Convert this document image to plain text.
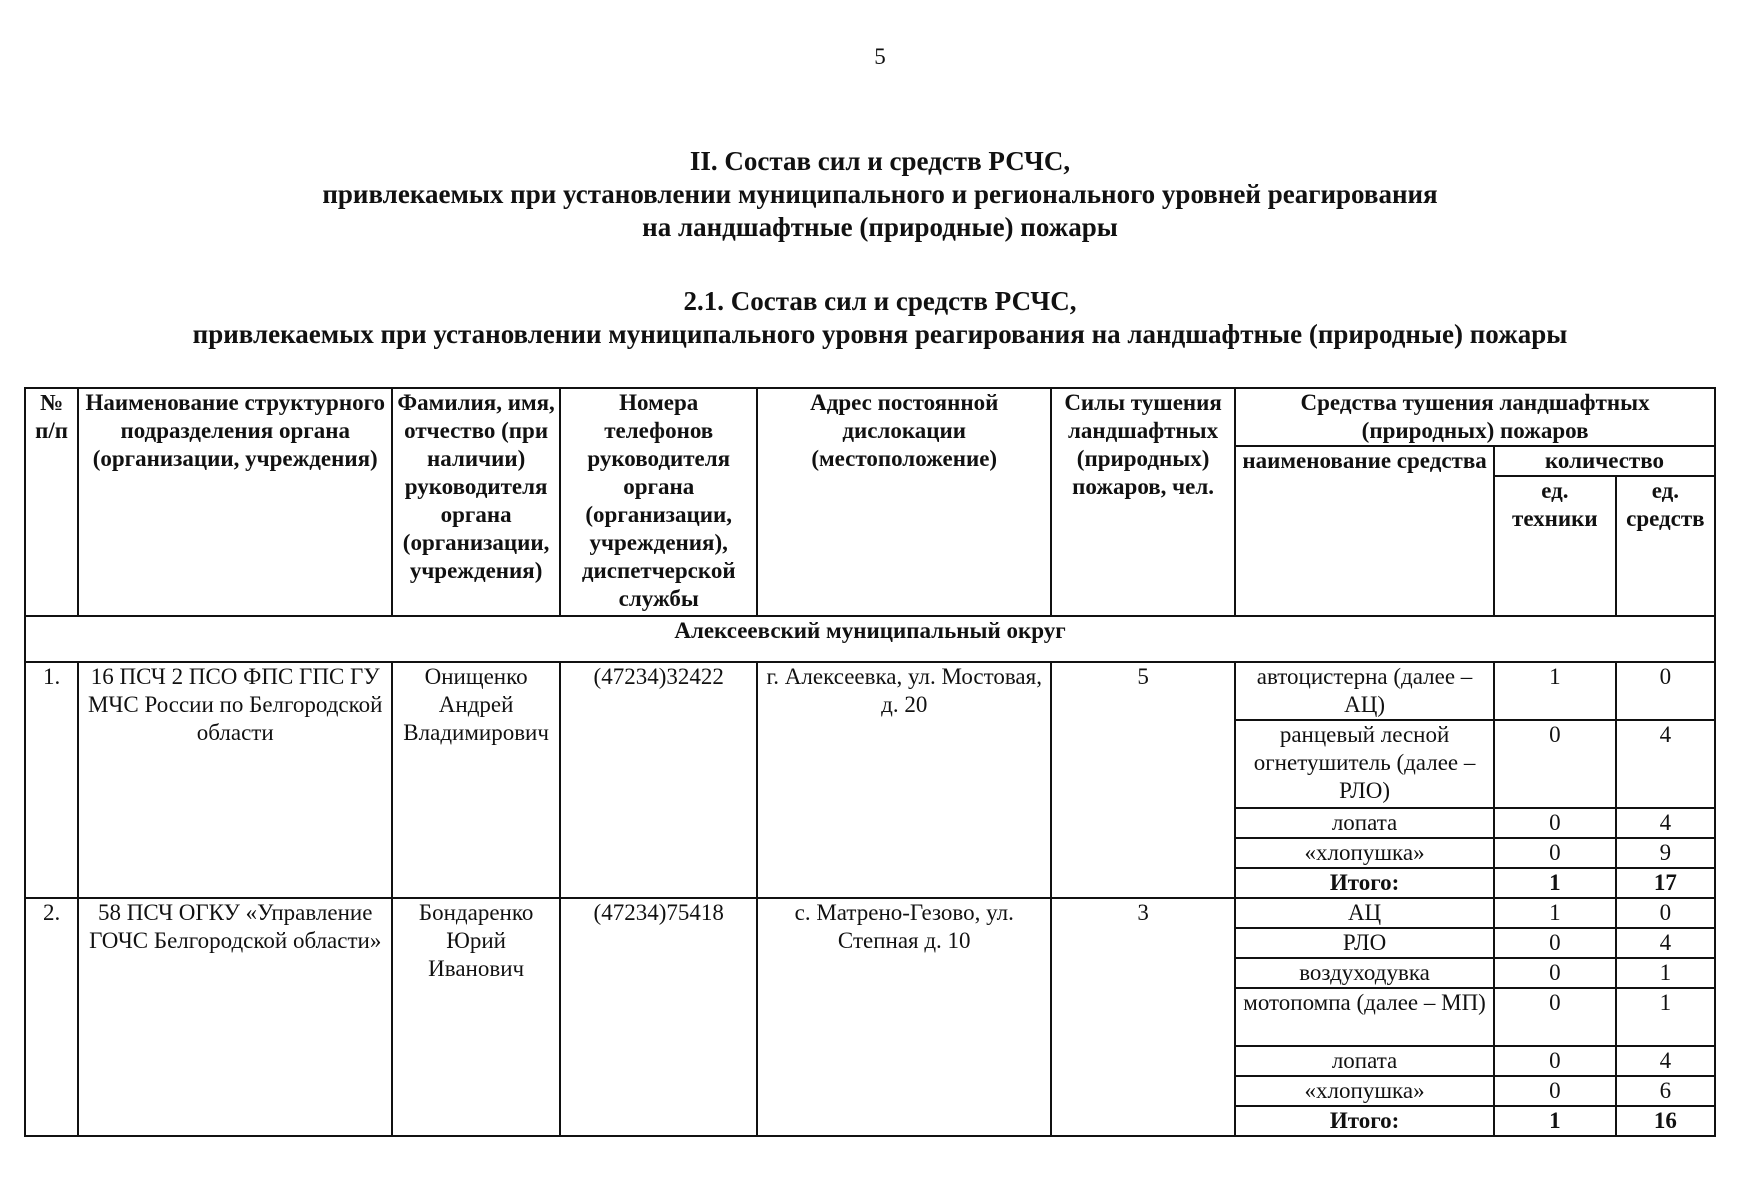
5
II. Состав сил и средств РСЧС,
привлекаемых при установлении муниципального и регионального уровней реагирования
на ландшафтные (природные) пожары
2.1. Состав сил и средств РСЧС,
привлекаемых при установлении муниципального уровня реагирования на ландшафтные (природные) пожары
№ п/п	Наименование структурного подразделения органа (организации, учреждения)	Фамилия, имя, отчество (при наличии) руководителя органа (организации, учреждения)	Номера телефонов руководителя органа (организации, учреждения), диспетчерской службы	Адрес постоянной дислокации (местоположение)	Силы тушения ландшафтных (природных) пожаров, чел.	Средства тушения ландшафтных (природных) пожаров		
						наименование средства	количество	
							ед. техники	ед. средств
Алексеевский муниципальный округ								
1.	16 ПСЧ 2 ПСО ФПС ГПС ГУ МЧС России по Белгородской области	Онищенко Андрей Владимирович	(47234)32422	г. Алексеевка, ул. Мостовая, д. 20	5	автоцистерна (далее – АЦ)	1	0
						ранцевый лесной огнетушитель (далее – РЛО)	0	4
						лопата	0	4
						«хлопушка»	0	9
						Итого:	1	17
2.	58 ПСЧ ОГКУ «Управление ГОЧС Белгородской области»	Бондаренко Юрий Иванович	(47234)75418	с. Матрено-Гезово, ул. Степная д. 10	3	АЦ	1	0
						РЛО	0	4
						воздуходувка	0	1
						мотопомпа (далее – МП)	0	1
						лопата	0	4
						«хлопушка»	0	6
						Итого:	1	16
